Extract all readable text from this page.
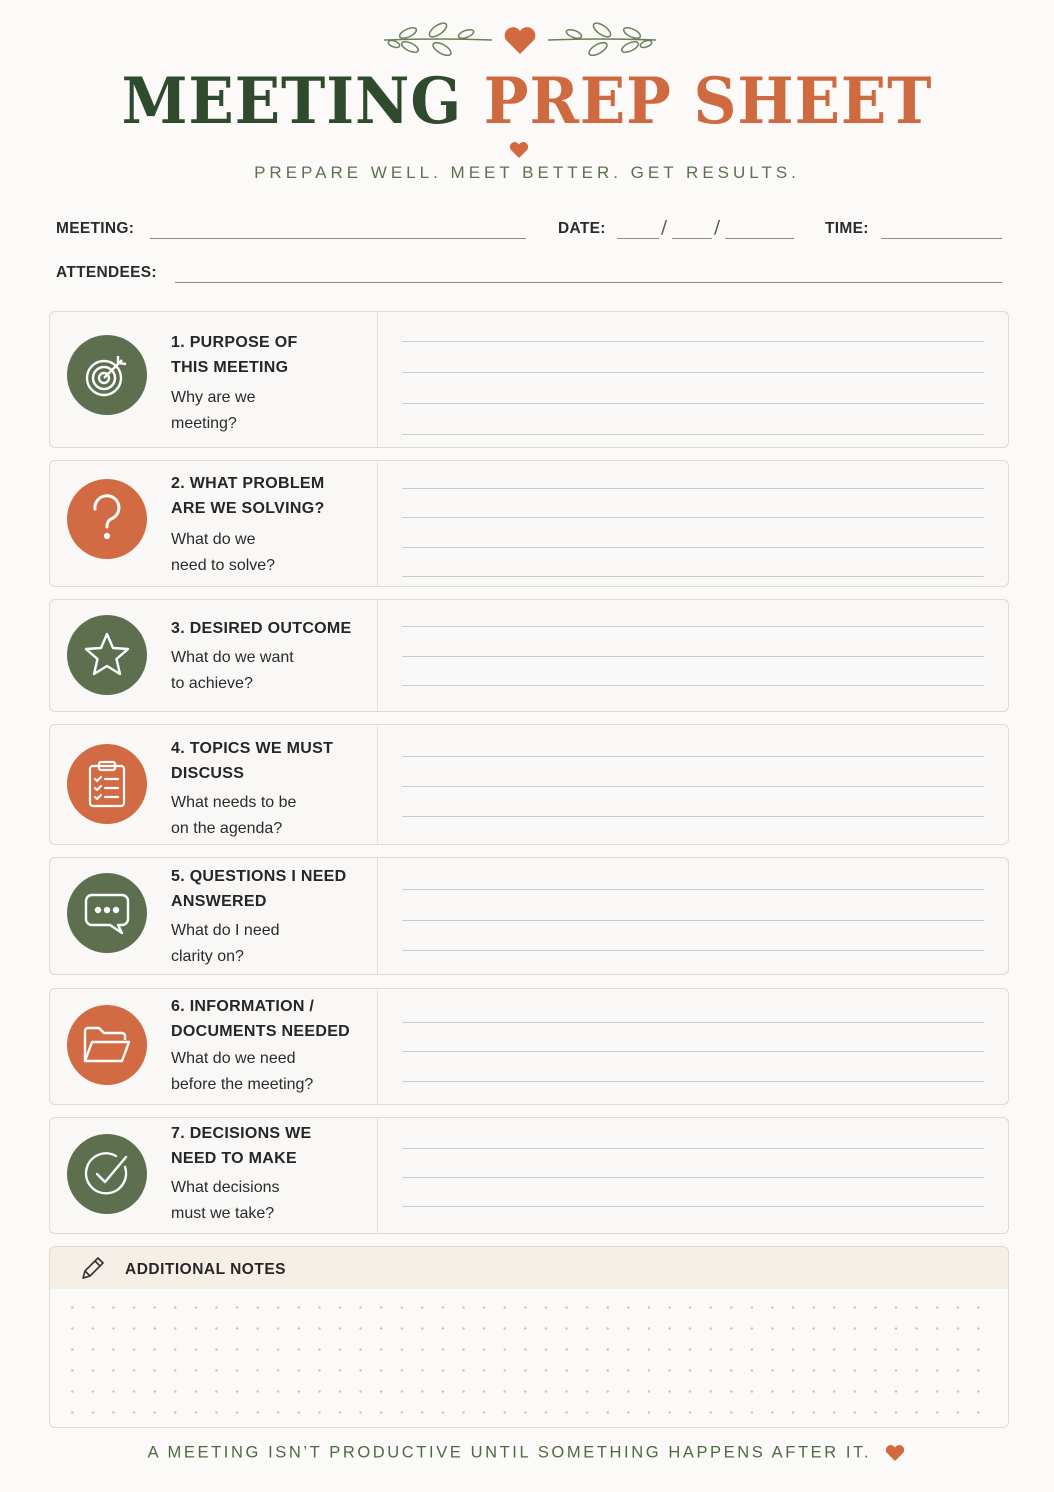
MEETING PREP SHEET
PREPARE WELL. MEET BETTER. GET RESULTS.
MEETING:	DATE:	/	/	TIME:
ATTENDEES:
1. PURPOSE OF
THIS MEETING
Why are we
meeting?
2. WHAT PROBLEM
ARE WE SOLVING?
What do we
need to solve?
3. DESIRED OUTCOME
What do we want
to achieve?
4. TOPICS WE MUST
DISCUSS
What needs to be
on the agenda?
5. QUESTIONS I NEED
ANSWERED
What do I need
clarity on?
6. INFORMATION /
DOCUMENTS NEEDED
What do we need
before the meeting?
7. DECISIONS WE
NEED TO MAKE
What decisions
must we take?
ADDITIONAL NOTES
A MEETING ISN’T PRODUCTIVE UNTIL SOMETHING HAPPENS AFTER IT.
